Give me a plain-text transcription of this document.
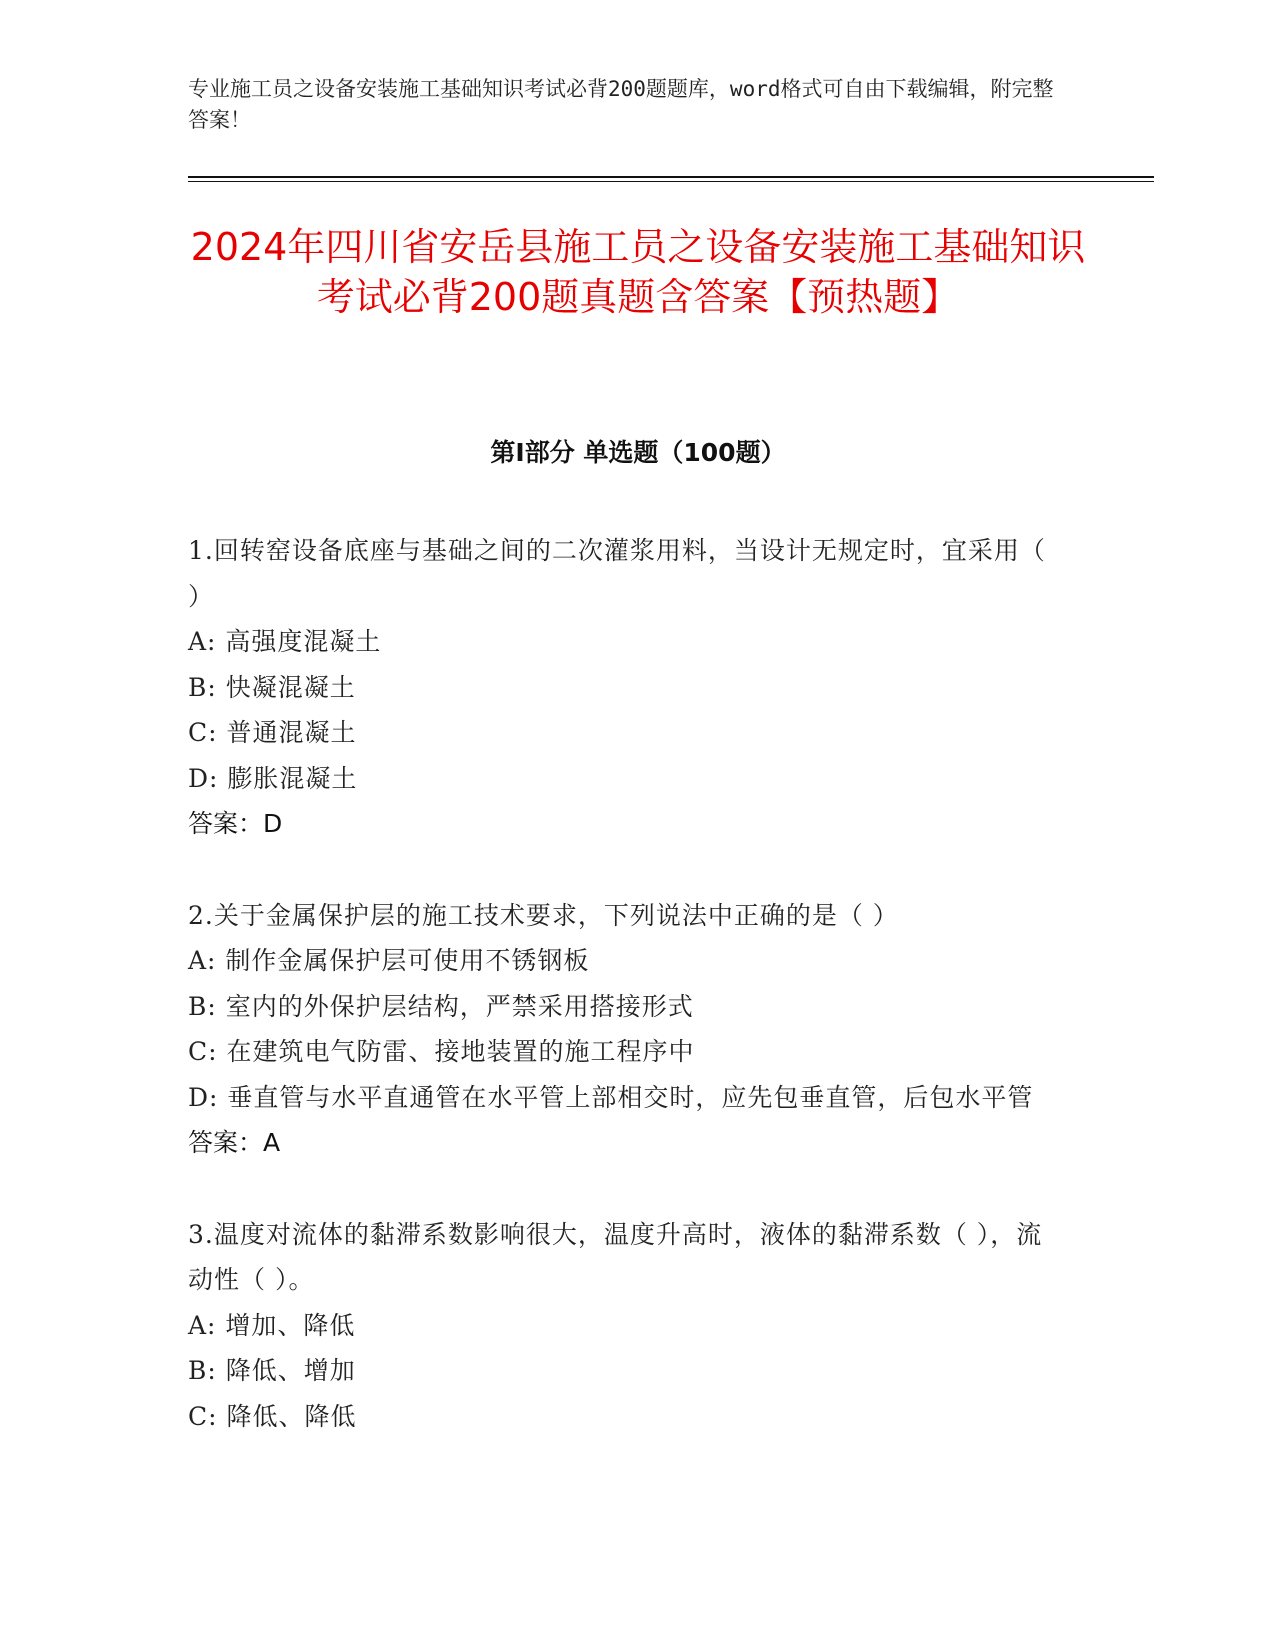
专业施工员之设备安装施工基础知识考试必背200题题库，word格式可自由下载编辑，附完整答案！
2024年四川省安岳县施工员之设备安装施工基础知识考试必背200题真题含答案【预热题】
第I部分 单选题（100题）
1.回转窑设备底座与基础之间的二次灌浆用料，当设计无规定时，宜采用（ ）
A: 高强度混凝土
B: 快凝混凝土
C: 普通混凝土
D: 膨胀混凝土
答案：D
2.关于金属保护层的施工技术要求，下列说法中正确的是（ ）
A: 制作金属保护层可使用不锈钢板
B: 室内的外保护层结构，严禁采用搭接形式
C: 在建筑电气防雷、接地装置的施工程序中
D: 垂直管与水平直通管在水平管上部相交时，应先包垂直管，后包水平管
答案：A
3.温度对流体的黏滞系数影响很大，温度升高时，液体的黏滞系数（ ），流动性（ ）。
A: 增加、降低
B: 降低、增加
C: 降低、降低
